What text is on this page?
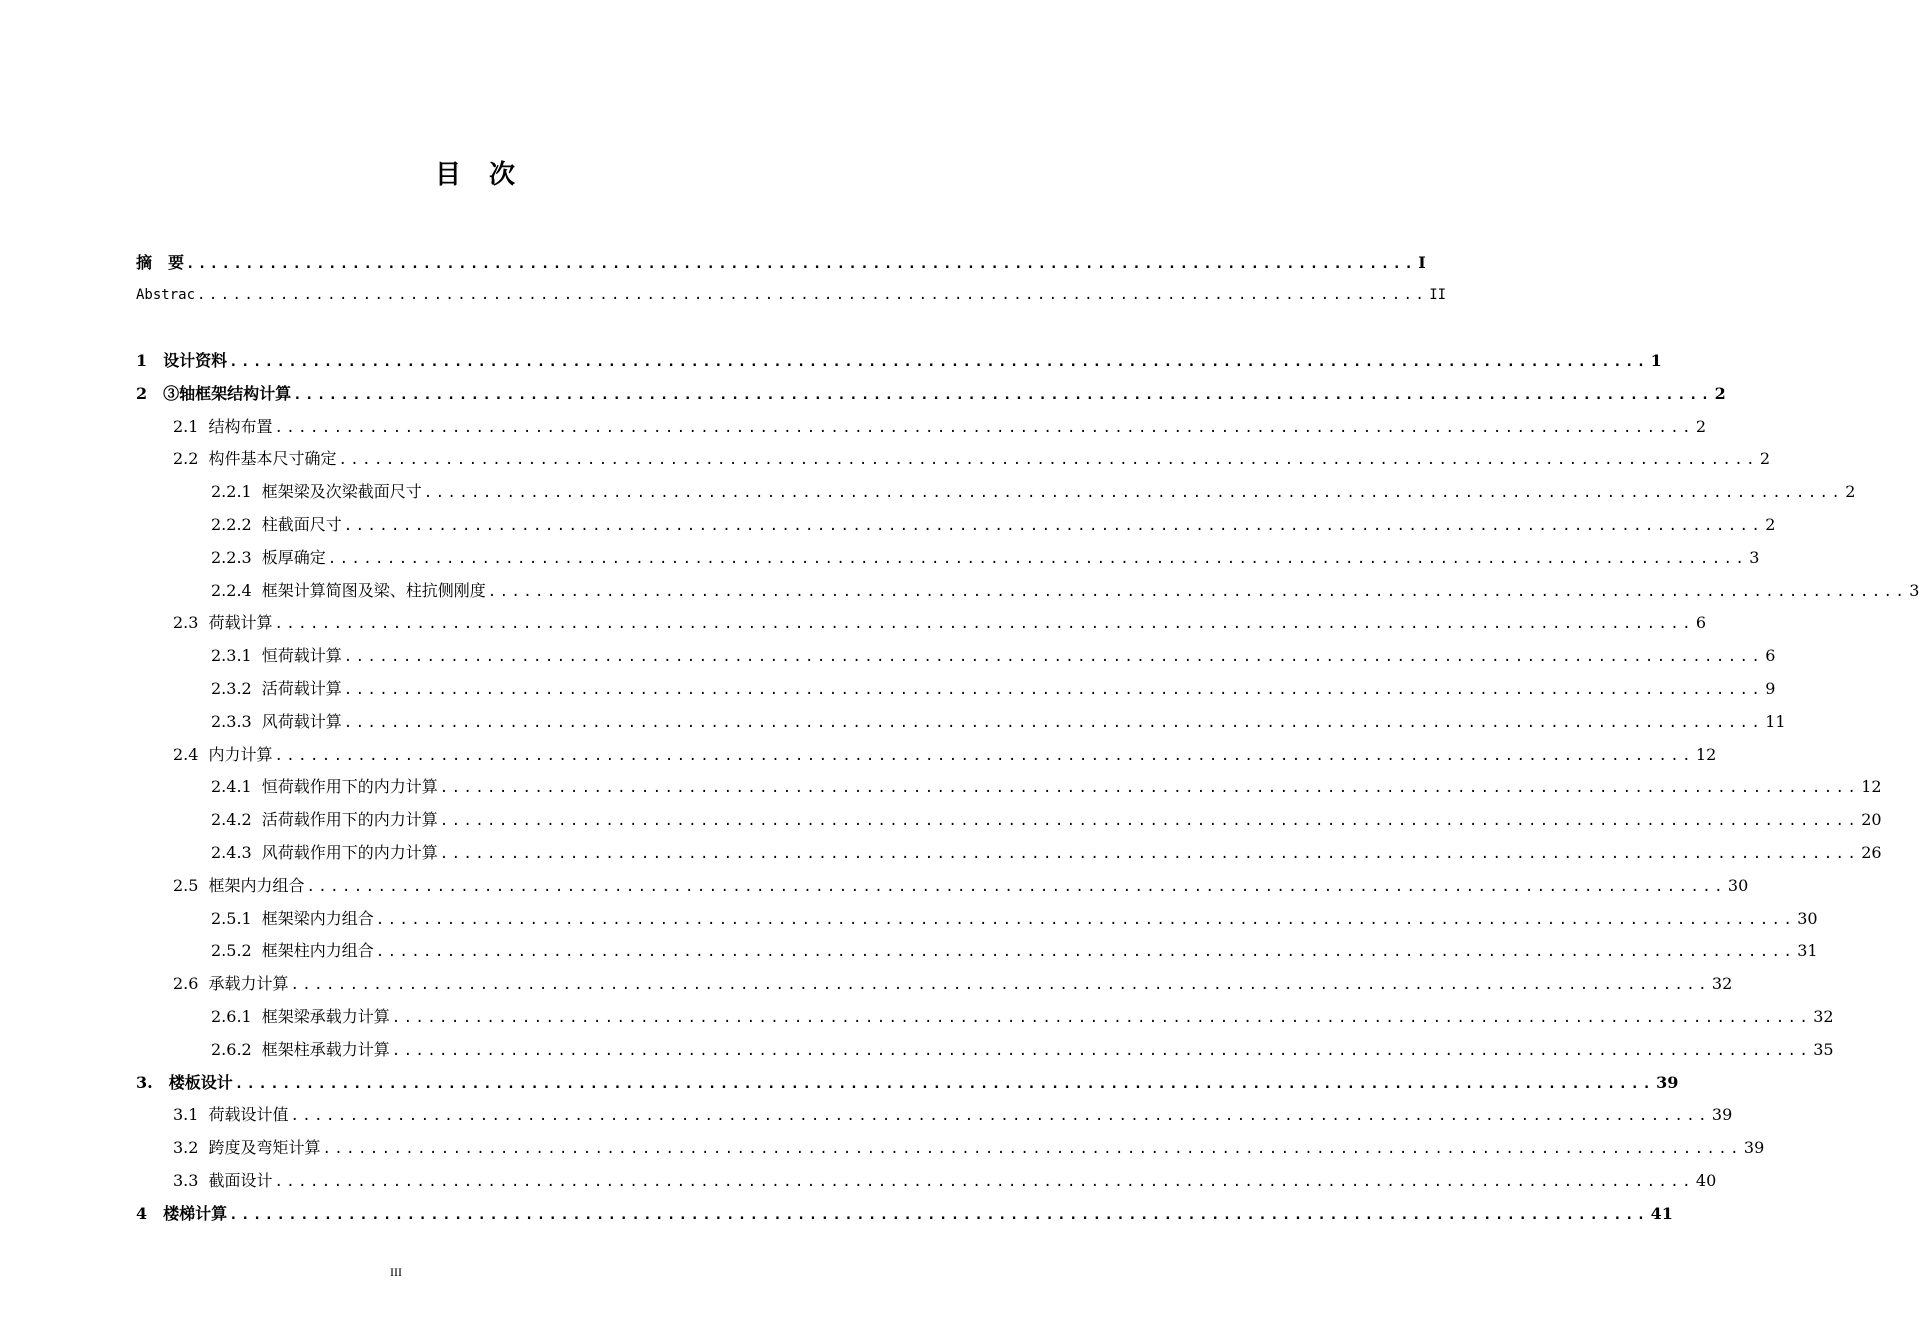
目次
摘　要 ........................................................................................................ I
Abstrac ........................................................................................................ II
1 设计资料 ........................................................................................................................ 1
2 ③轴框架结构计算 ........................................................................................................................ 2
2.1 结构布置 ........................................................................................................................ 2
2.2 构件基本尺寸确定 ........................................................................................................................ 2
2.2.1 框架梁及次梁截面尺寸 ........................................................................................................................ 2
2.2.2 柱截面尺寸 ........................................................................................................................ 2
2.2.3 板厚确定 ........................................................................................................................ 3
2.2.4 框架计算简图及梁、柱抗侧刚度 ........................................................................................................................ 3
2.3 荷载计算 ........................................................................................................................ 6
2.3.1 恒荷载计算 ........................................................................................................................ 6
2.3.2 活荷载计算 ........................................................................................................................ 9
2.3.3 风荷载计算 ........................................................................................................................ 11
2.4 内力计算 ........................................................................................................................ 12
2.4.1 恒荷载作用下的内力计算 ........................................................................................................................ 12
2.4.2 活荷载作用下的内力计算 ........................................................................................................................ 20
2.4.3 风荷载作用下的内力计算 ........................................................................................................................ 26
2.5 框架内力组合 ........................................................................................................................ 30
2.5.1 框架梁内力组合 ........................................................................................................................ 30
2.5.2 框架柱内力组合 ........................................................................................................................ 31
2.6 承载力计算 ........................................................................................................................ 32
2.6.1 框架梁承载力计算 ........................................................................................................................ 32
2.6.2 框架柱承载力计算 ........................................................................................................................ 35
3. 楼板设计 ........................................................................................................................ 39
3.1 荷载设计值 ........................................................................................................................ 39
3.2 跨度及弯矩计算 ........................................................................................................................ 39
3.3 截面设计 ........................................................................................................................ 40
4 楼梯计算 ........................................................................................................................ 41
III
